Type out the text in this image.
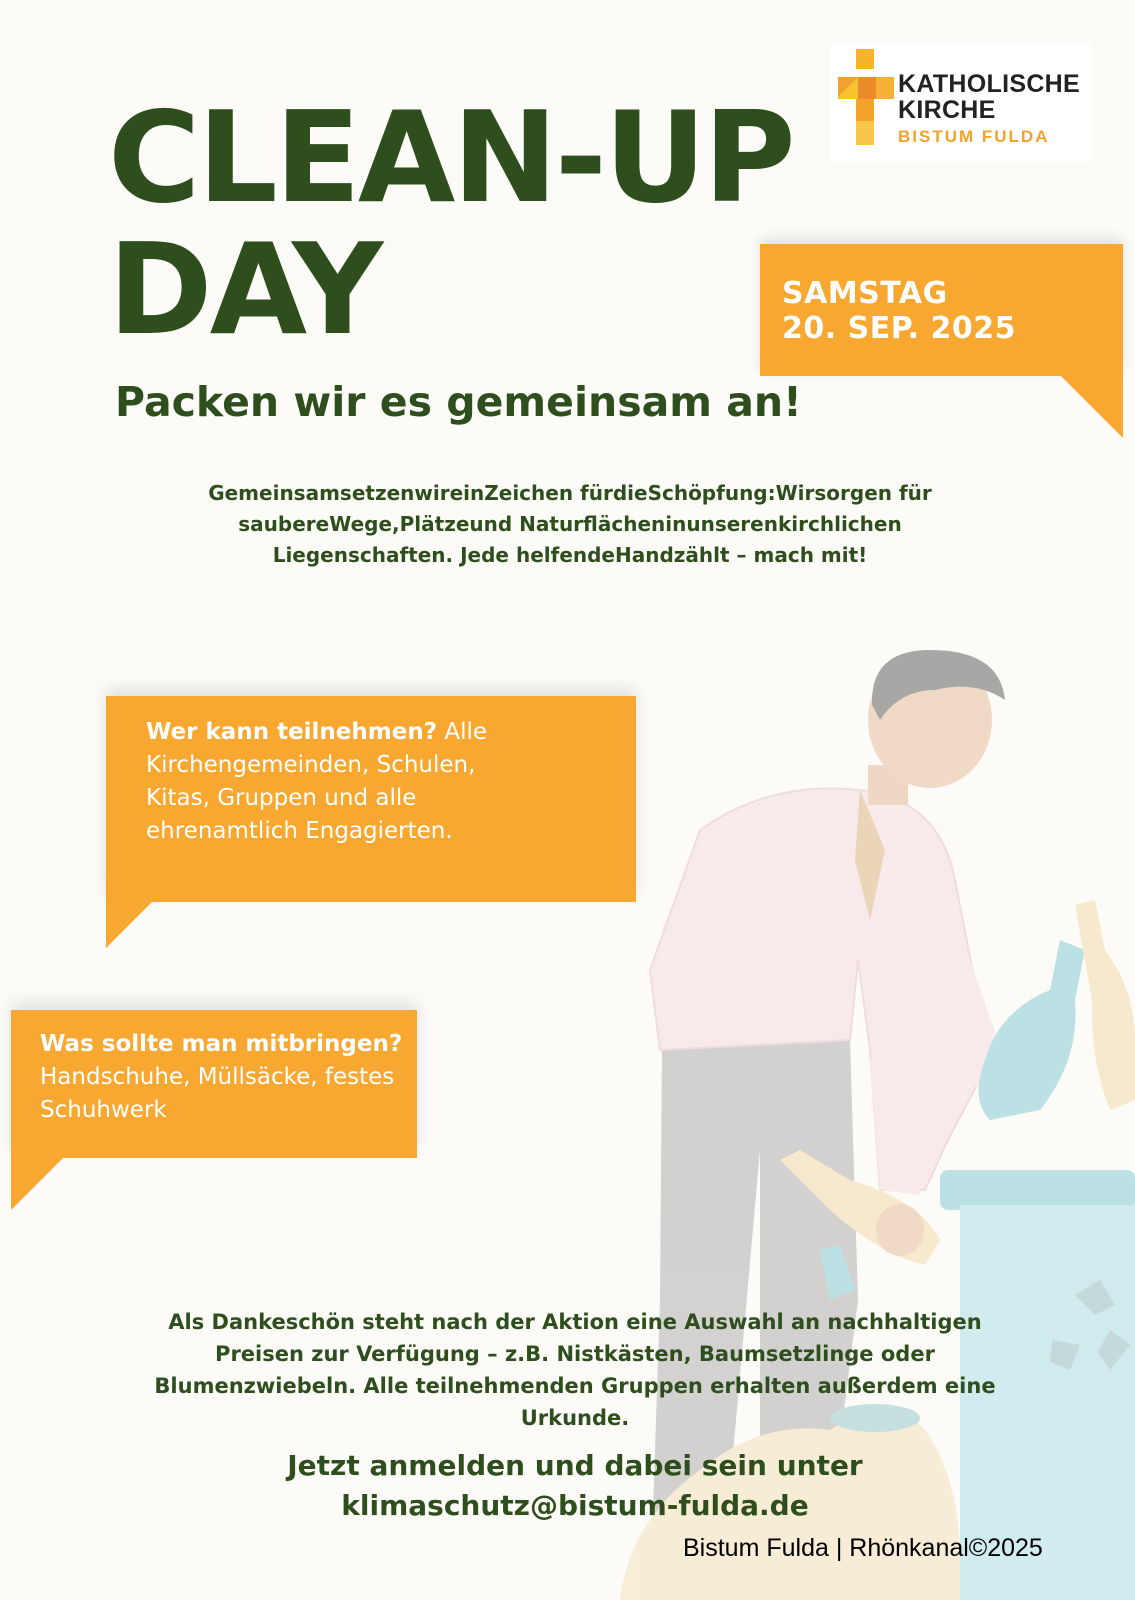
KATHOLISCHE
KIRCHE
BISTUM FULDA
CLEAN-UP
DAY	SAMSTAG
20. SEP. 2025
Packen wir es gemeinsam an!
GemeinsamsetzenwireinZeichen fürdieSchöpfung:Wirsorgen für
saubereWege,Plätzeund Naturflächeninunserenkirchlichen
Liegenschaften. Jede helfendeHandzählt – mach mit!
Wer kann teilnehmen? Alle
Kirchengemeinden, Schulen,
Kitas, Gruppen und alle
ehrenamtlich Engagierten.
Was sollte man mitbringen?
Handschuhe, Müllsäcke, festes
Schuhwerk
Als Dankeschön steht nach der Aktion eine Auswahl an nachhaltigen
Preisen zur Verfügung – z.B. Nistkästen, Baumsetzlinge oder
Blumenzwiebeln. Alle teilnehmenden Gruppen erhalten außerdem eine
Urkunde.
Jetzt anmelden und dabei sein unter
klimaschutz@bistum-fulda.de
Bistum Fulda | Rhönkanal©2025
